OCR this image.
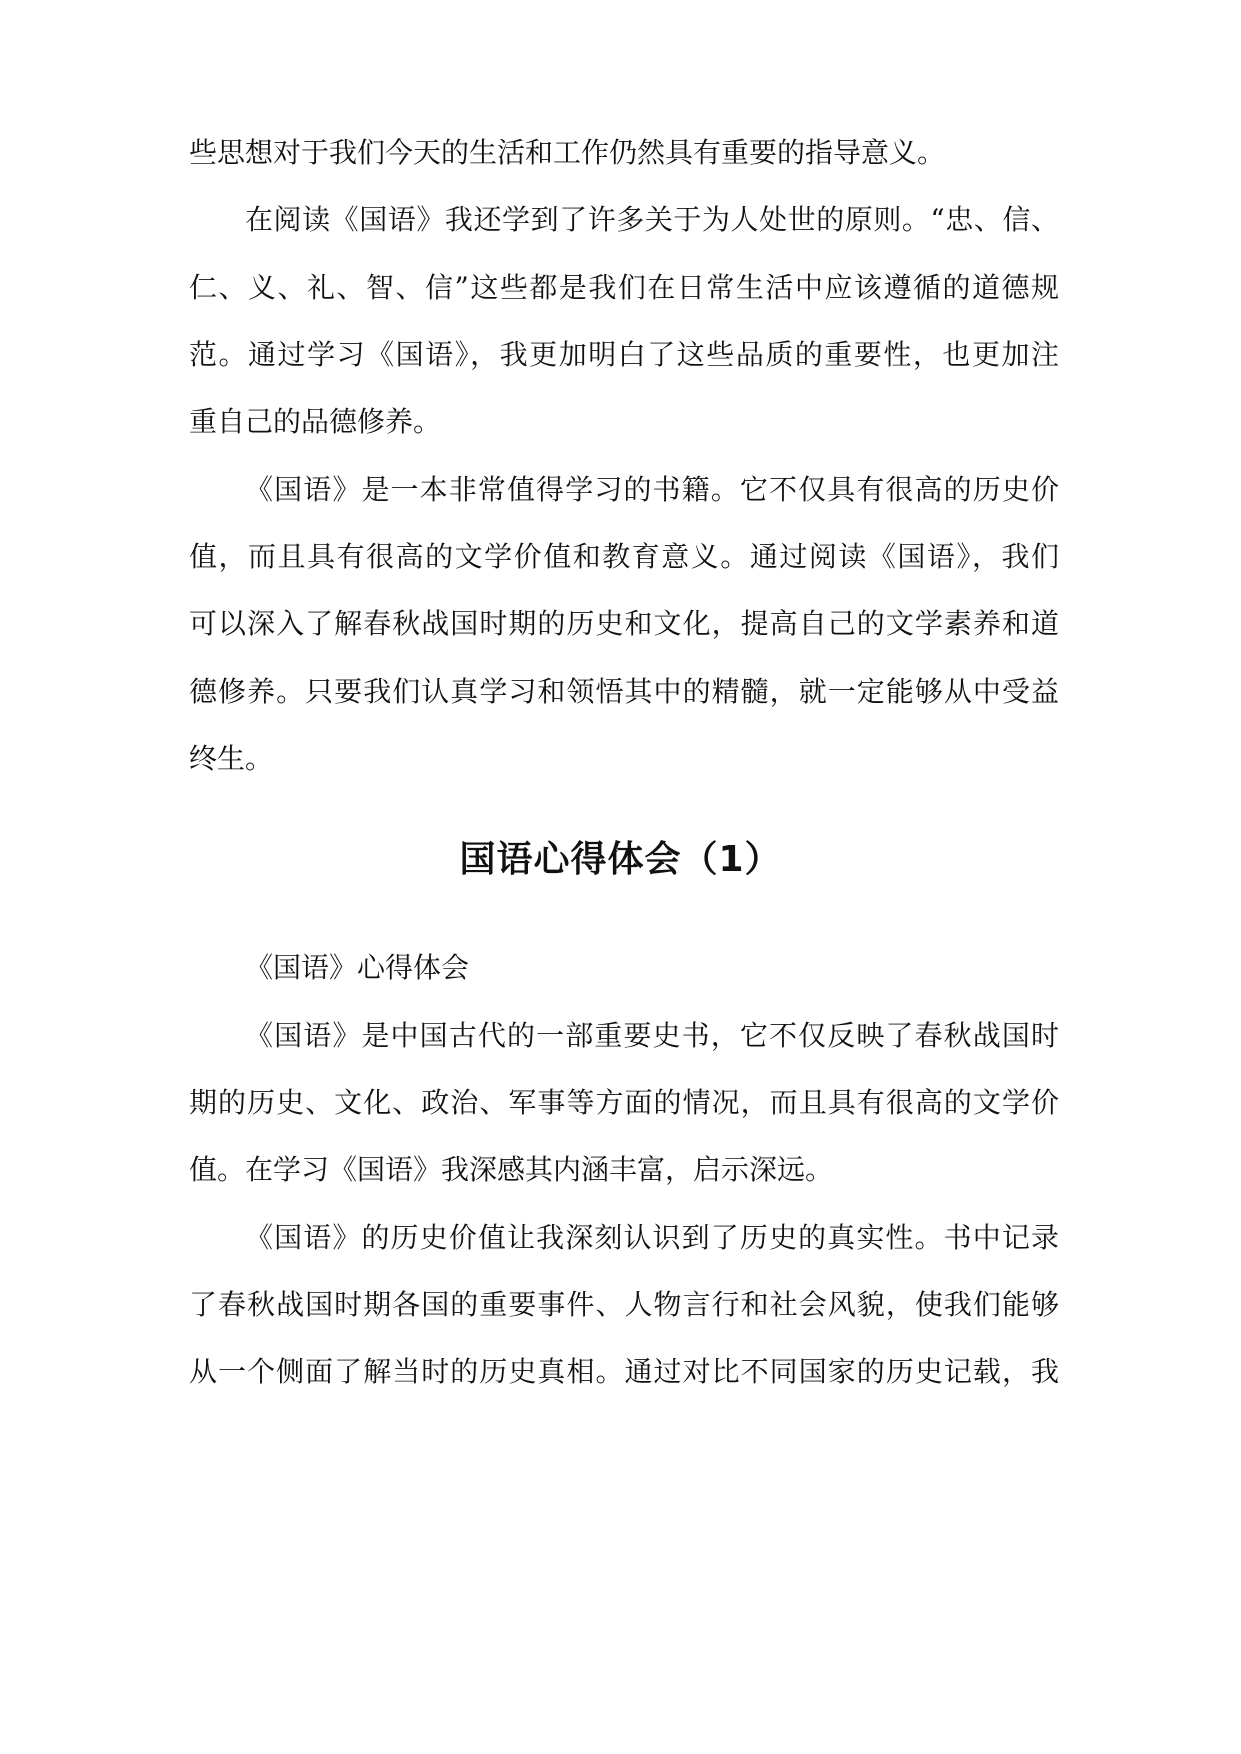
些思想对于我们今天的生活和工作仍然具有重要的指导意义。
在阅读《国语》我还学到了许多关于为人处世的原则。“忠、信、
仁、义、礼、智、信”这些都是我们在日常生活中应该遵循的道德规
范。通过学习《国语》，我更加明白了这些品质的重要性，也更加注
重自己的品德修养。
《国语》是一本非常值得学习的书籍。它不仅具有很高的历史价
值，而且具有很高的文学价值和教育意义。通过阅读《国语》，我们
可以深入了解春秋战国时期的历史和文化，提高自己的文学素养和道
德修养。只要我们认真学习和领悟其中的精髓，就一定能够从中受益
终生。
国语心得体会（1）
《国语》心得体会
《国语》是中国古代的一部重要史书，它不仅反映了春秋战国时
期的历史、文化、政治、军事等方面的情况，而且具有很高的文学价
值。在学习《国语》我深感其内涵丰富，启示深远。
《国语》的历史价值让我深刻认识到了历史的真实性。书中记录
了春秋战国时期各国的重要事件、人物言行和社会风貌，使我们能够
从一个侧面了解当时的历史真相。通过对比不同国家的历史记载，我
